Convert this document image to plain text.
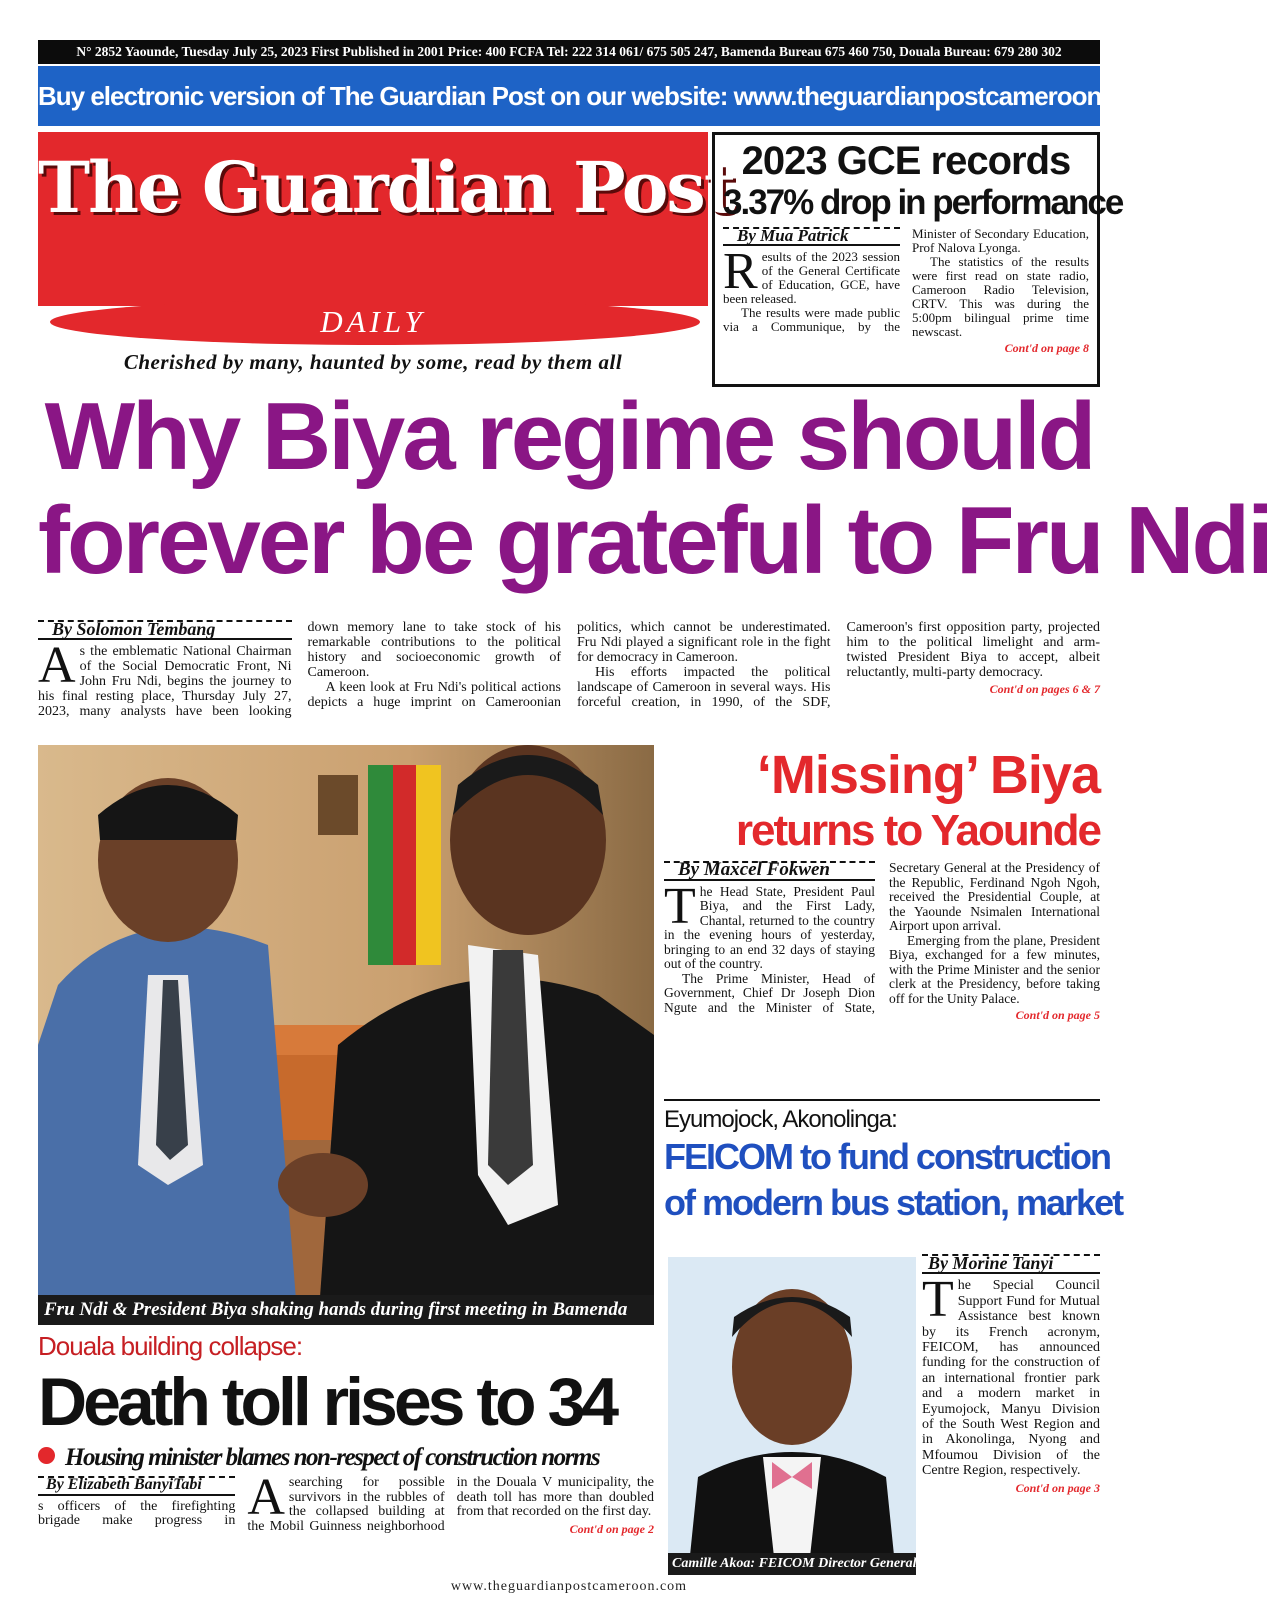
N° 2852 Yaounde, Tuesday July 25, 2023 First Published in 2001 Price: 400 FCFA Tel: 222 314 061/ 675 505 247, Bamenda Bureau 675 460 750, Douala Bureau: 679 280 302
Buy electronic version of The Guardian Post on our website: www.theguardianpostcameroon.com
The Guardian Post
DAILY
Cherished by many, haunted by some, read by them all
2023 GCE records
3.37% drop in performance
By Mua Patrick

Results of the 2023 session of the General Certificate of Education, GCE, have been released.

The results were made public via a Communique, by the Minister of Secondary Education, Prof Nalova Lyonga.

The statistics of the results were first read on state radio, Cameroon Radio Television, CRTV. This was during the 5:00pm bilingual prime time newscast.

Cont'd on page 8
Why Biya regime should
forever be grateful to Fru Ndi
By Solomon Tembang

As the emblematic National Chairman of the Social Democratic Front, Ni John Fru Ndi, begins the journey to his final resting place, Thursday July 27, 2023, many analysts have been looking down memory lane to take stock of his remarkable contributions to the political history and socioeconomic growth of Cameroon.

A keen look at Fru Ndi's political actions depicts a huge imprint on Cameroonian politics, which cannot be underestimated. Fru Ndi played a significant role in the fight for democracy in Cameroon.

His efforts impacted the political landscape of Cameroon in several ways. His forceful creation, in 1990, of the SDF, Cameroon's first opposition party, projected him to the political limelight and arm-twisted President Biya to accept, albeit reluctantly, multi-party democracy.

Cont'd on pages 6 & 7
Fru Ndi & President Biya shaking hands during first meeting in Bamenda
‘Missing’ Biya
returns to Yaounde
By Maxcel Fokwen

The Head State, President Paul Biya, and the First Lady, Chantal, returned to the country in the evening hours of yesterday, bringing to an end 32 days of staying out of the country.

The Prime Minister, Head of Government, Chief Dr Joseph Dion Ngute and the Minister of State, Secretary General at the Presidency of the Republic, Ferdinand Ngoh Ngoh, received the Presidential Couple, at the Yaounde Nsimalen International Airport upon arrival.

Emerging from the plane, President Biya, exchanged for a few minutes, with the Prime Minister and the senior clerk at the Presidency, before taking off for the Unity Palace.

Cont'd on page 5
Eyumojock, Akonolinga:
FEICOM to fund construction
of modern bus station, market
Camille Akoa: FEICOM Director General
By Morine Tanyi

The Special Council Support Fund for Mutual Assistance best known by its French acronym, FEICOM, has announced funding for the construction of an international frontier park and a modern market in Eyumojock, Manyu Division of the South West Region and in Akonolinga, Nyong and Mfoumou Division of the Centre Region, respectively.

Cont'd on page 3
Douala building collapse:
Death toll rises to 34
Housing minister blames non-respect of construction norms
By Elizabeth BanyiTabi A
s officers of the firefighting brigade make progress in searching for possible survivors in the rubbles of the collapsed building at the Mobil Guinness neighborhood in the Douala V municipality, the death toll has more than doubled from that recorded on the first day.

Cont'd on page 2
www.theguardianpostcameroon.com
